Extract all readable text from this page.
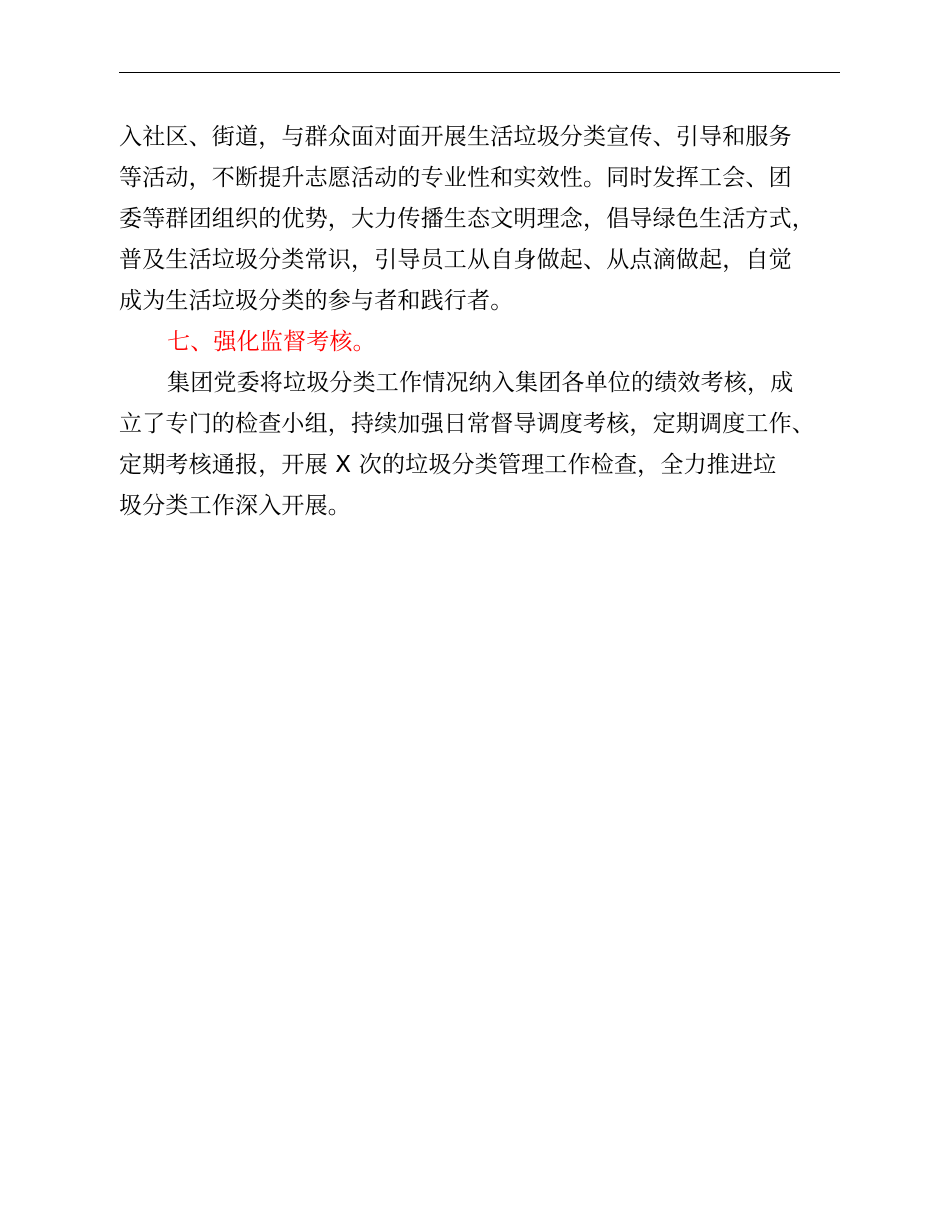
入社区、街道，与群众面对面开展生活垃圾分类宣传、引导和服务
等活动，不断提升志愿活动的专业性和实效性。同时发挥工会、团
委等群团组织的优势，大力传播生态文明理念，倡导绿色生活方式，
普及生活垃圾分类常识，引导员工从自身做起、从点滴做起，自觉
成为生活垃圾分类的参与者和践行者。
七、强化监督考核。
集团党委将垃圾分类工作情况纳入集团各单位的绩效考核，成
立了专门的检查小组，持续加强日常督导调度考核，定期调度工作、
定期考核通报，开展 X 次的垃圾分类管理工作检查，全力推进垃
圾分类工作深入开展。
